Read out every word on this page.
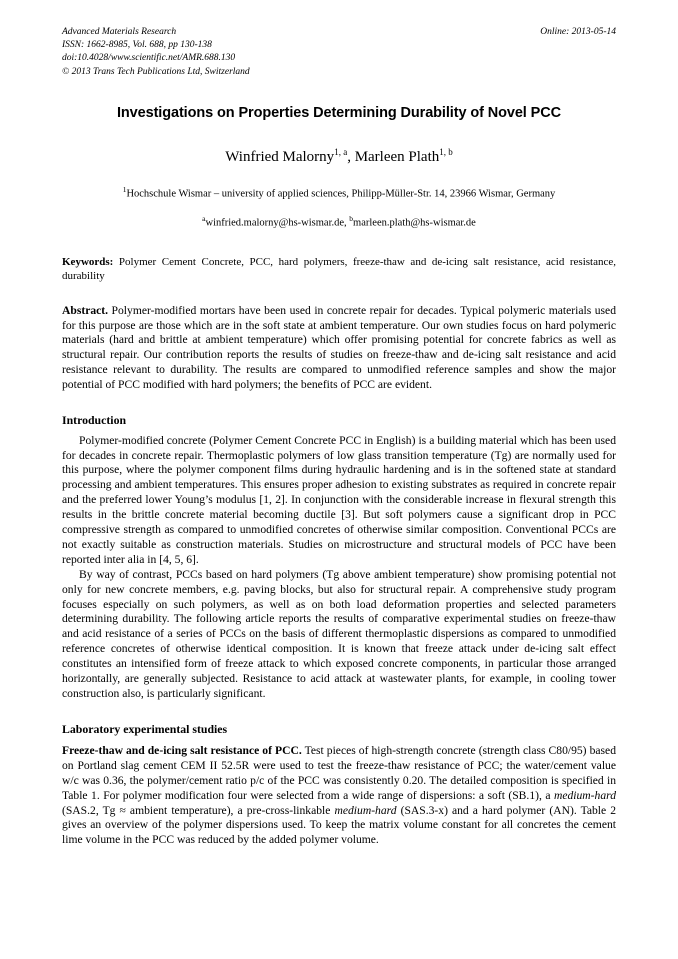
Advanced Materials Research
ISSN: 1662-8985, Vol. 688, pp 130-138
doi:10.4028/www.scientific.net/AMR.688.130
© 2013 Trans Tech Publications Ltd, Switzerland
Online: 2013-05-14
Investigations on Properties Determining Durability of Novel PCC
Winfried Malorny$^{1, a}$, Marleen Plath$^{1, b}$
$^1$Hochschule Wismar – university of applied sciences, Philipp-Müller-Str. 14, 23966 Wismar, Germany
$^a$winfried.malorny@hs-wismar.de, $^b$marleen.plath@hs-wismar.de
Keywords: Polymer Cement Concrete, PCC, hard polymers, freeze-thaw and de-icing salt resistance, acid resistance, durability
Abstract. Polymer-modified mortars have been used in concrete repair for decades. Typical polymeric materials used for this purpose are those which are in the soft state at ambient temperature. Our own studies focus on hard polymeric materials (hard and brittle at ambient temperature) which offer promising potential for concrete fabrics as well as structural repair. Our contribution reports the results of studies on freeze-thaw and de-icing salt resistance and acid resistance relevant to durability. The results are compared to unmodified reference samples and show the major potential of PCC modified with hard polymers; the benefits of PCC are evident.
Introduction
Polymer-modified concrete (Polymer Cement Concrete PCC in English) is a building material which has been used for decades in concrete repair. Thermoplastic polymers of low glass transition temperature (Tg) are normally used for this purpose, where the polymer component films during hydraulic hardening and is in the softened state at standard processing and ambient temperatures. This ensures proper adhesion to existing substrates as required in concrete repair and the preferred lower Young’s modulus [1, 2]. In conjunction with the considerable increase in flexural strength this results in the brittle concrete material becoming ductile [3]. But soft polymers cause a significant drop in PCC compressive strength as compared to unmodified concretes of otherwise similar composition. Conventional PCCs are not exactly suitable as construction materials. Studies on microstructure and structural models of PCC have been reported inter alia in [4, 5, 6].
By way of contrast, PCCs based on hard polymers (Tg above ambient temperature) show promising potential not only for new concrete members, e.g. paving blocks, but also for structural repair. A comprehensive study program focuses especially on such polymers, as well as on both load deformation properties and selected parameters determining durability. The following article reports the results of comparative experimental studies on freeze-thaw and acid resistance of a series of PCCs on the basis of different thermoplastic dispersions as compared to unmodified reference concretes of otherwise identical composition. It is known that freeze attack under de-icing salt effect constitutes an intensified form of freeze attack to which exposed concrete components, in particular those arranged horizontally, are generally subjected. Resistance to acid attack at wastewater plants, for example, in cooling tower construction also, is particularly significant.
Laboratory experimental studies
Freeze-thaw and de-icing salt resistance of PCC. Test pieces of high-strength concrete (strength class C80/95) based on Portland slag cement CEM II 52.5R were used to test the freeze-thaw resistance of PCC; the water/cement value w/c was 0.36, the polymer/cement ratio p/c of the PCC was consistently 0.20. The detailed composition is specified in Table 1. For polymer modification four were selected from a wide range of dispersions: a soft (SB.1), a medium-hard (SAS.2, Tg ≈ ambient temperature), a pre-cross-linkable medium-hard (SAS.3-x) and a hard polymer (AN). Table 2 gives an overview of the polymer dispersions used. To keep the matrix volume constant for all concretes the cement lime volume in the PCC was reduced by the added polymer volume.
